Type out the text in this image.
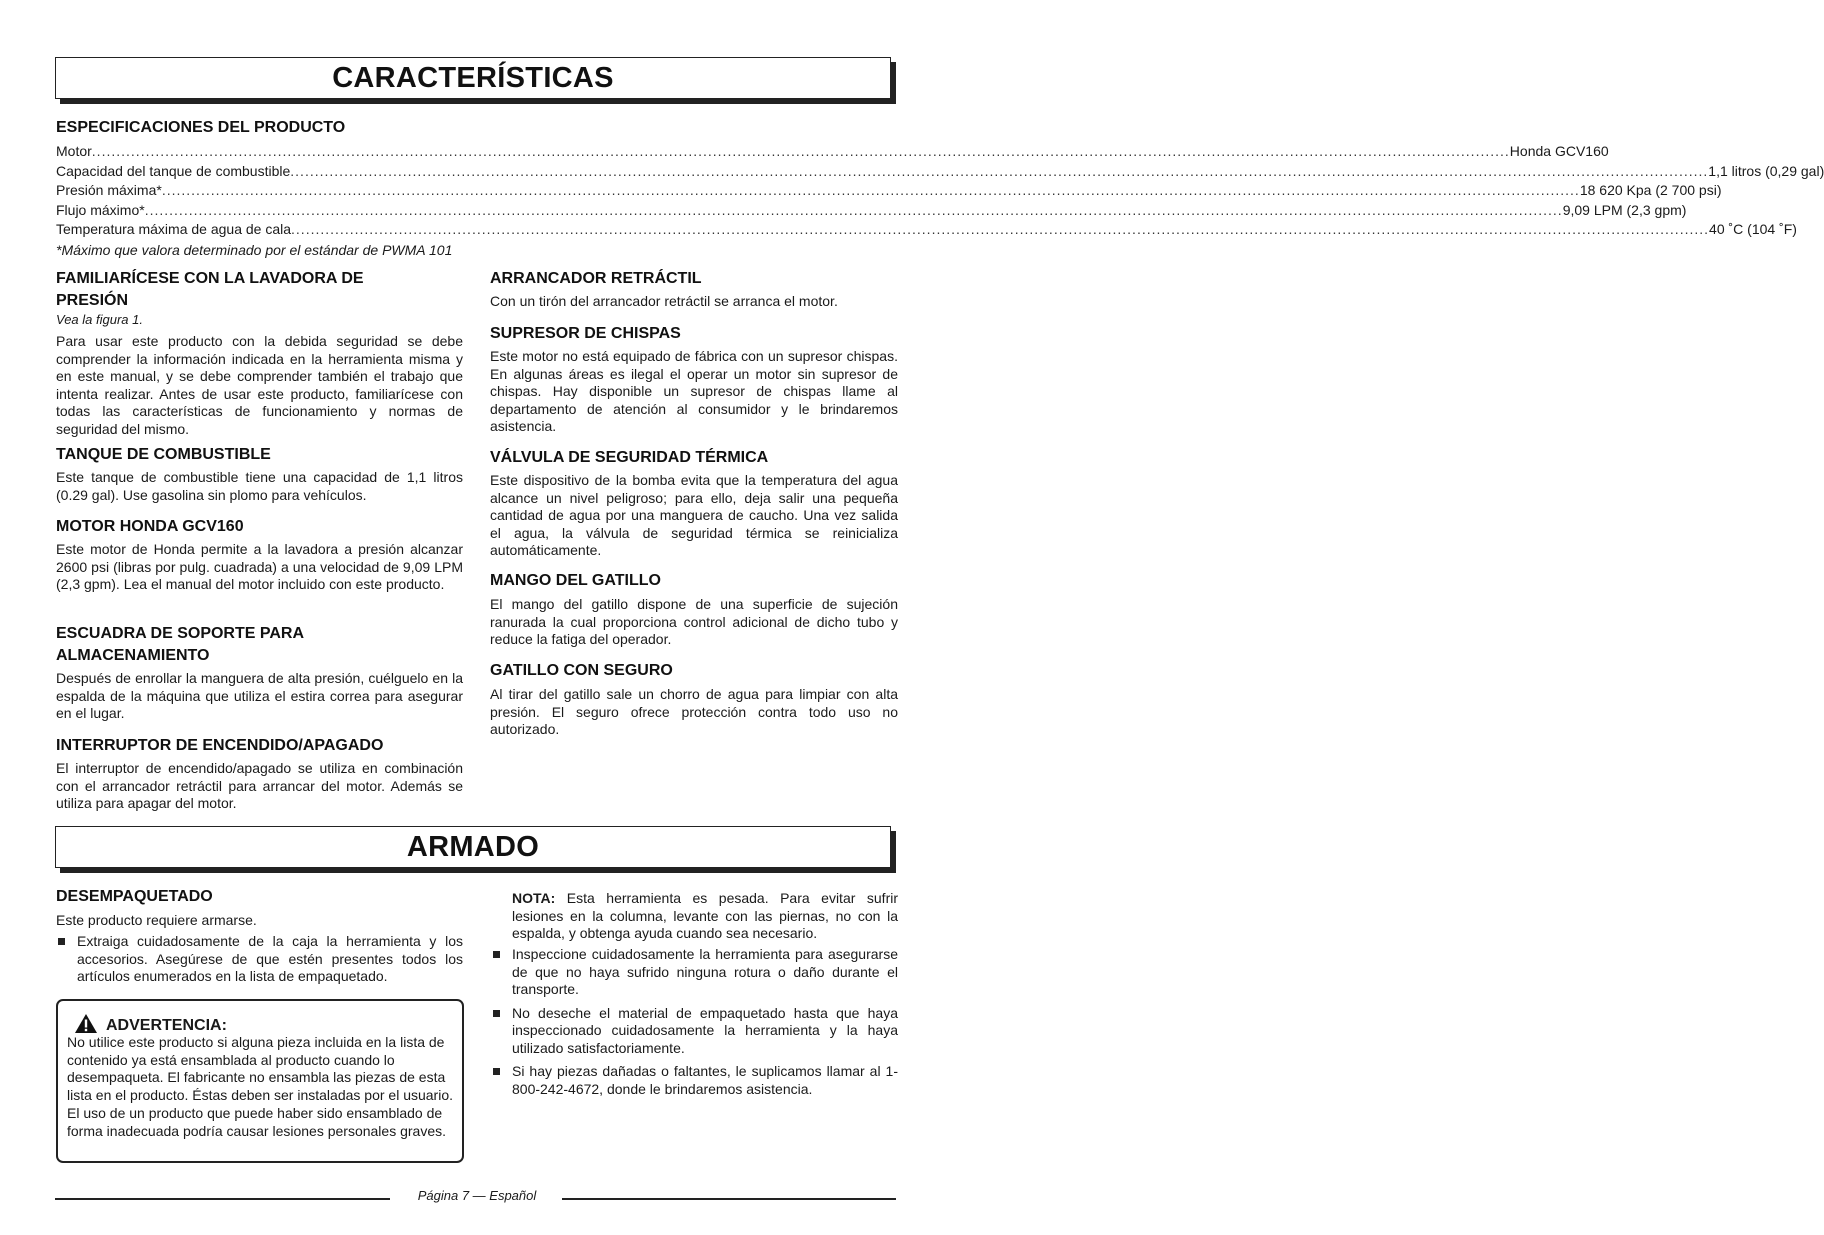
CARACTERÍSTICAS
ESPECIFICACIONES DEL PRODUCTO
Motor .................................................................................................................................................................................................................................................................................................. Honda GCV160
Capacidad del tanque de combustible .................................................................................................................................................................................................................................................................................................. 1,1 litros (0,29 gal)
Presión máxima* .................................................................................................................................................................................................................................................................................................. 18 620 Kpa (2 700 psi)
Flujo máximo* .................................................................................................................................................................................................................................................................................................. 9,09 LPM (2,3 gpm)
Temperatura máxima de agua de cala .................................................................................................................................................................................................................................................................................................. 40 ˚C (104 ˚F)
*Máximo que valora determinado por el estándar de PWMA 101
FAMILIARÍCESE CON LA LAVADORA DE
PRESIÓN

Vea la figura 1.

Para usar este producto con la debida seguridad se debe comprender la información indicada en la herramienta misma y en este manual, y se debe comprender también el trabajo que intenta realizar. Antes de usar este producto, familiarícese con todas las características de funcionamiento y normas de seguridad del mismo.

TANQUE DE COMBUSTIBLE

Este tanque de combustible tiene una capacidad de 1,1 litros (0.29 gal). Use gasolina sin plomo para vehículos.

MOTOR HONDA GCV160

Este motor de Honda permite a la lavadora a presión alcanzar 2600 psi (libras por pulg. cuadrada) a una velocidad de 9,09 LPM (2,3 gpm). Lea el manual del motor incluido con este producto.

ESCUADRA DE SOPORTE PARA
ALMACENAMIENTO

Después de enrollar la manguera de alta presión, cuélguelo en la espalda de la máquina que utiliza el estira correa para asegurar en el lugar.

INTERRUPTOR DE ENCENDIDO/APAGADO

El interruptor de encendido/apagado se utiliza en combinación con el arrancador retráctil para arrancar del motor. Además se utiliza para apagar del motor.

ARRANCADOR RETRÁCTIL

Con un tirón del arrancador retráctil se arranca el motor.

SUPRESOR DE CHISPAS

Este motor no está equipado de fábrica con un supresor chispas. En algunas áreas es ilegal el operar un motor sin supresor de chispas. Hay disponible un supresor de chispas llame al departamento de atención al consumidor y le brindaremos asistencia.

VÁLVULA DE SEGURIDAD TÉRMICA

Este dispositivo de la bomba evita que la temperatura del agua alcance un nivel peligroso; para ello, deja salir una pequeña cantidad de agua por una manguera de caucho. Una vez salida el agua, la válvula de seguridad térmica se reinicializa automáticamente.

MANGO DEL GATILLO

El mango del gatillo dispone de una superficie de sujeción ranurada la cual proporciona control adicional de dicho tubo y reduce la fatiga del operador.

GATILLO CON SEGURO

Al tirar del gatillo sale un chorro de agua para limpiar con alta presión. El seguro ofrece protección contra todo uso no autorizado.

ARMADO
DESEMPAQUETADO

Este producto requiere armarse.

Extraiga cuidadosamente de la caja la herramienta y los accesorios. Asegúrese de que estén presentes todos los artículos enumerados en la lista de empaquetado.
ADVERTENCIA:

No utilice este producto si alguna pieza incluida en la lista de contenido ya está ensamblada al producto cuando lo desempaqueta. El fabricante no ensambla las piezas de esta lista en el producto. Éstas deben ser instaladas por el usuario. El uso de un producto que puede haber sido ensamblado de forma inadecuada podría causar lesiones personales graves.

NOTA: Esta herramienta es pesada. Para evitar sufrir lesiones en la columna, levante con las piernas, no con la espalda, y obtenga ayuda cuando sea necesario.

Inspeccione cuidadosamente la herramienta para asegurarse de que no haya sufrido ninguna rotura o daño durante el transporte.
No deseche el material de empaquetado hasta que haya inspeccionado cuidadosamente la herramienta y la haya utilizado satisfactoriamente.
Si hay piezas dañadas o faltantes, le suplicamos llamar al 1-800-242-4672, donde le brindaremos asistencia.
Página 7 — Español
